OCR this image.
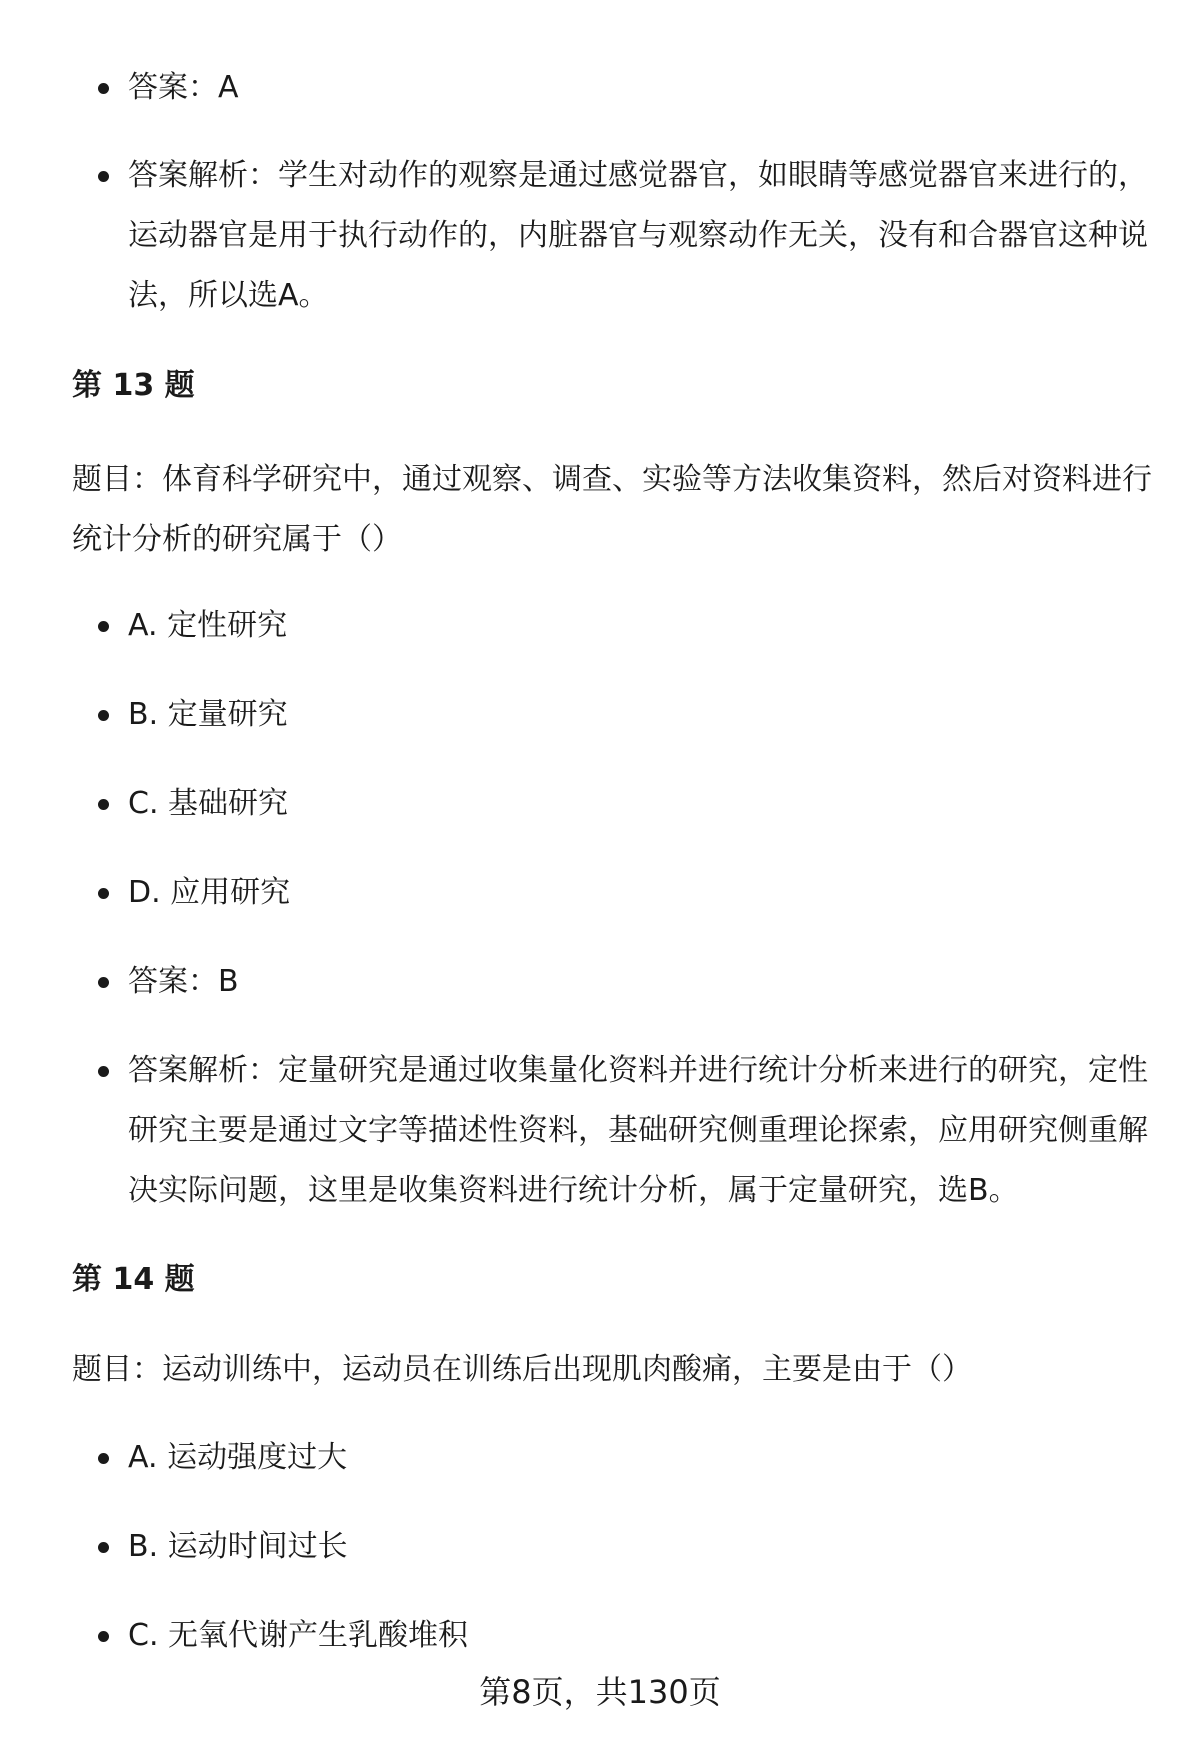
答案：A
答案解析：学生对动作的观察是通过感觉器官，如眼睛等感觉器官来进行的，运动器官是用于执行动作的，内脏器官与观察动作无关，没有和合器官这种说法，所以选A。
第 13 题

题目：体育科学研究中，通过观察、调查、实验等方法收集资料，然后对资料进行统计分析的研究属于（）

A. 定性研究
B. 定量研究
C. 基础研究
D. 应用研究
答案：B
答案解析：定量研究是通过收集量化资料并进行统计分析来进行的研究，定性研究主要是通过文字等描述性资料，基础研究侧重理论探索，应用研究侧重解决实际问题，这里是收集资料进行统计分析，属于定量研究，选B。
第 14 题

题目：运动训练中，运动员在训练后出现肌肉酸痛，主要是由于（）

A. 运动强度过大
B. 运动时间过长
C. 无氧代谢产生乳酸堆积

第8页，共130页
